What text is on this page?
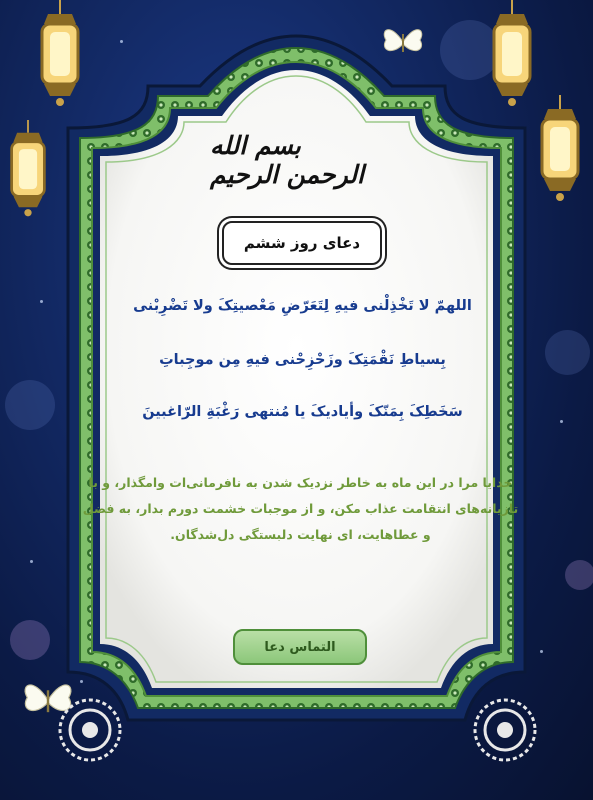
بسم الله الرحمن الرحیم
دعای روز ششم
اللهمّ لا تَخْذِلْنی فیهِ لِتَعَرّضِ مَعْصیتِکَ ولا تَضْرِبْنی
بِسیاطِ نَقْمَتِکَ وزَحْزِحْنی فیهِ مِن موجِباتِ
سَخَطِکَ بِمَنّکَ وأیادیکَ یا مُنتهی رَغْبَةِ الرّاغبینَ
خدایا مرا در این ماه به خاطر نزدیک شدن به نافرمانی‌ات وامگذار، و با تازیانه‌های انتقامت عذاب مکن، و از موجبات خشمت دورم بدار، به فضل و عطاهایت، ای نهایت دلبستگی دل‌شدگان.
التماس دعا
